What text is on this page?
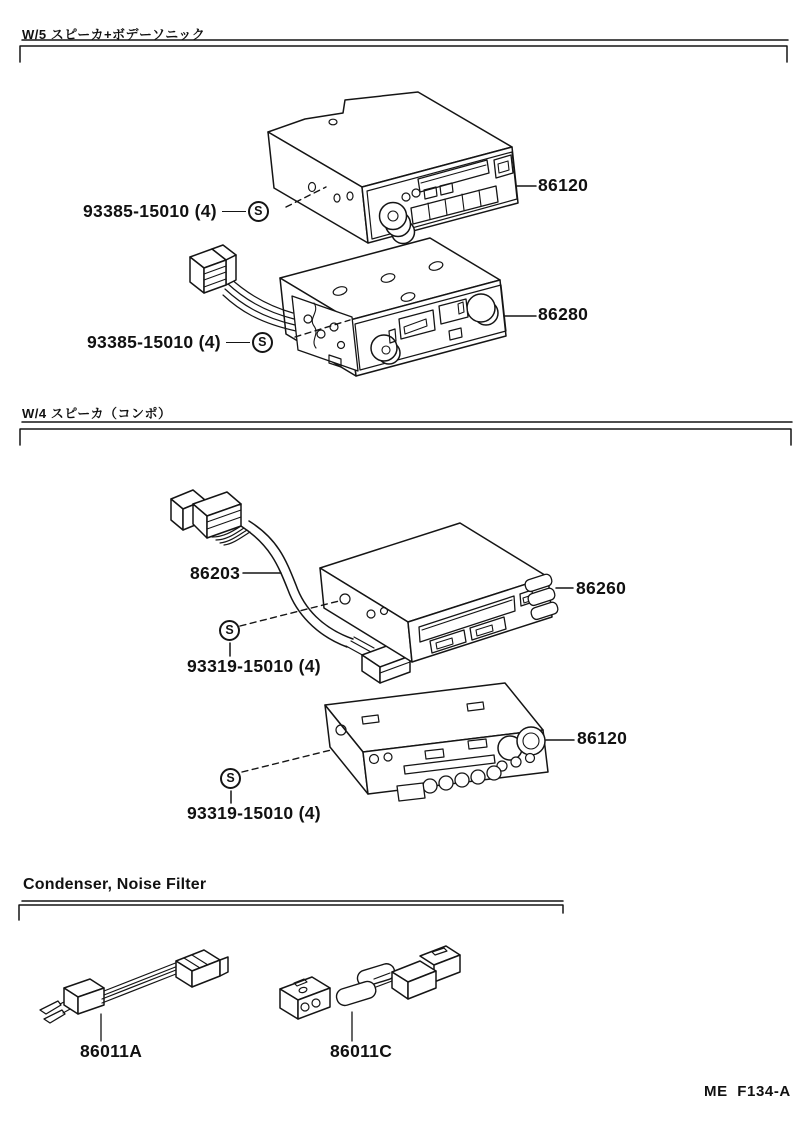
W/5 スピーカ+ボデーソニック
W/4 スピーカ（コンポ）
Condenser, Noise Filter
93385-15010 (4)	S
86120
93385-15010 (4)	S
86280
86203
86260
S
93319-15010 (4)
86120
S
93319-15010 (4)
86011A	86011C
ME  F134-A
